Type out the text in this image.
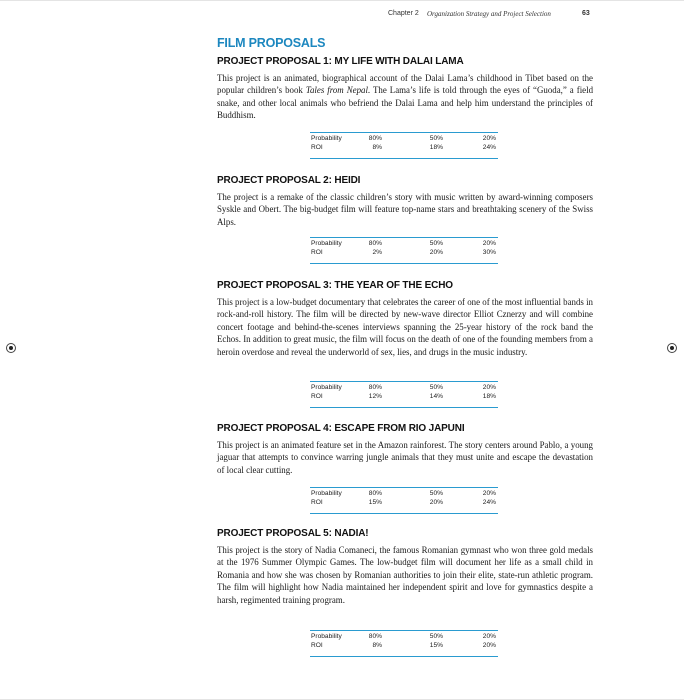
Chapter 2 Organization Strategy and Project Selection	63
FILM PROPOSALS
PROJECT PROPOSAL 1: MY LIFE WITH DALAI LAMA

This project is an animated, biographical account of the Dalai Lama’s childhood in Tibet based on the popular children’s book Tales from Nepal. The Lama’s life is told through the eyes of “Guoda,” a field snake, and other local animals who befriend the Dalai Lama and help him understand the principles of Buddhism.

Probability	80%	50%	20%
ROI	8%	18%	24%
PROJECT PROPOSAL 2: HEIDI

The project is a remake of the classic children’s story with music written by award-winning composers Syskle and Obert. The big-budget film will feature top-name stars and breathtaking scenery of the Swiss Alps.

Probability	80%	50%	20%
ROI	2%	20%	30%
PROJECT PROPOSAL 3: THE YEAR OF THE ECHO

This project is a low-budget documentary that celebrates the career of one of the most influential bands in rock-and-roll history. The film will be directed by new-wave director Elliot Cznerzy and will combine concert footage and behind-the-scenes interviews spanning the 25-year history of the rock band the Echos. In addition to great music, the film will focus on the death of one of the founding members from a heroin overdose and reveal the underworld of sex, lies, and drugs in the music industry.

Probability	80%	50%	20%
ROI	12%	14%	18%
PROJECT PROPOSAL 4: ESCAPE FROM RIO JAPUNI

This project is an animated feature set in the Amazon rainforest. The story centers around Pablo, a young jaguar that attempts to convince warring jungle animals that they must unite and escape the devastation of local clear cutting.

Probability	80%	50%	20%
ROI	15%	20%	24%
PROJECT PROPOSAL 5: NADIA!

This project is the story of Nadia Comaneci, the famous Romanian gymnast who won three gold medals at the 1976 Summer Olympic Games. The low-budget film will document her life as a small child in Romania and how she was chosen by Romanian authorities to join their elite, state-run athletic program. The film will highlight how Nadia maintained her independent spirit and love for gymnastics despite a harsh, regimented training program.

Probability	80%	50%	20%
ROI	8%	15%	20%
